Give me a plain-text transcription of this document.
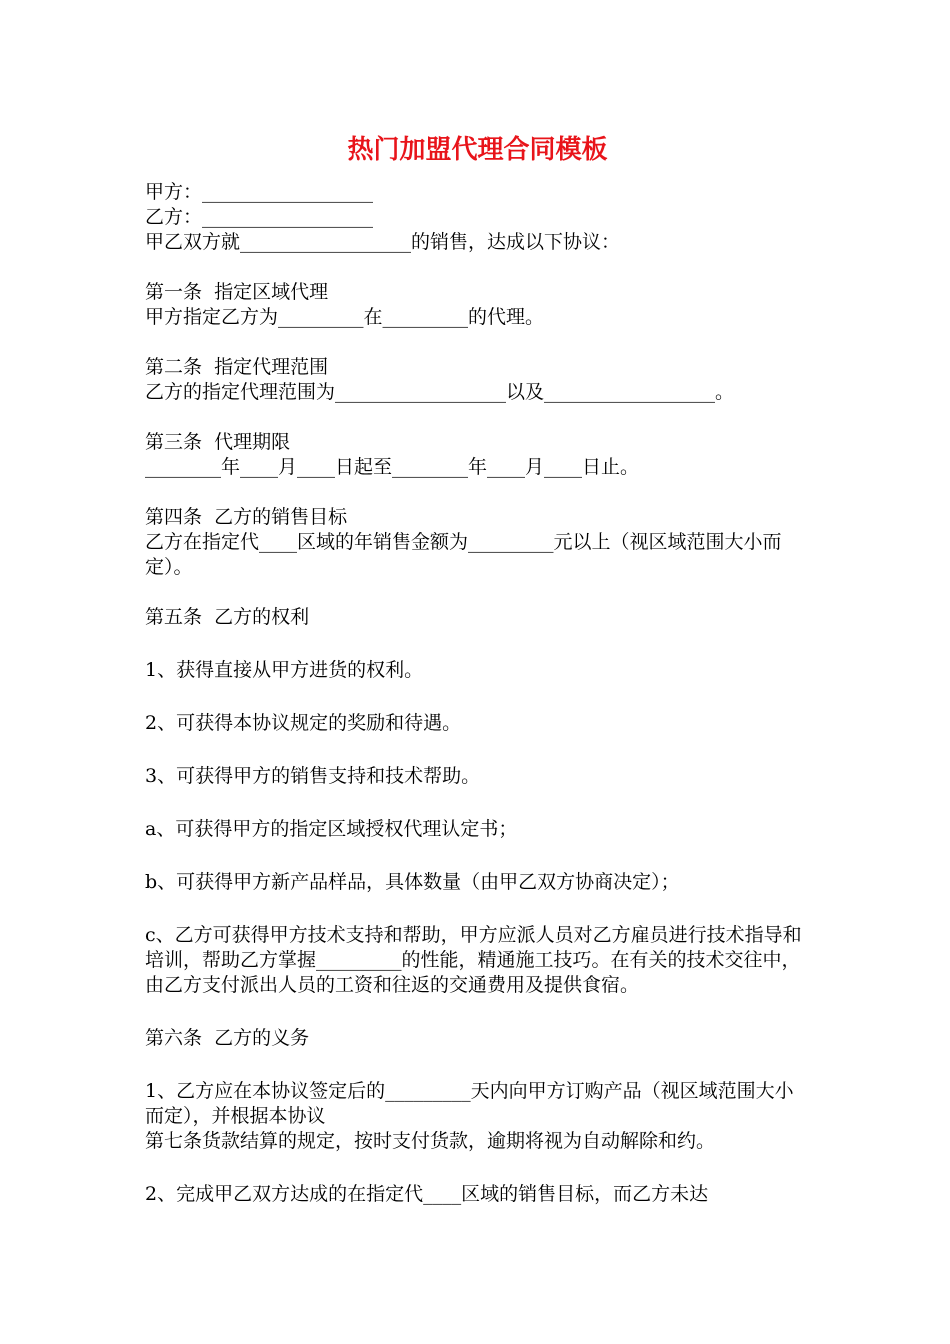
热门加盟代理合同模板

甲方：__________________

乙方：__________________

甲乙双方就__________________的销售，达成以下协议：

第一条  指定区域代理

甲方指定乙方为_________在_________的代理。

第二条  指定代理范围

乙方的指定代理范围为__________________以及__________________。

第三条  代理期限

________年____月____日起至________年____月____日止。

第四条  乙方的销售目标

乙方在指定代____区域的年销售金额为_________元以上（视区域范围大小而定）。

第五条  乙方的权利

1、获得直接从甲方进货的权利。

2、可获得本协议规定的奖励和待遇。

3、可获得甲方的销售支持和技术帮助。

a、可获得甲方的指定区域授权代理认定书；

b、可获得甲方新产品样品，具体数量（由甲乙双方协商决定）；

c、乙方可获得甲方技术支持和帮助，甲方应派人员对乙方雇员进行技术指导和培训，帮助乙方掌握_________的性能，精通施工技巧。在有关的技术交往中，由乙方支付派出人员的工资和往返的交通费用及提供食宿。

第六条  乙方的义务

1、乙方应在本协议签定后的_________天内向甲方订购产品（视区域范围大小而定），并根据本协议

第七条货款结算的规定，按时支付货款，逾期将视为自动解除和约。

2、完成甲乙双方达成的在指定代____区域的销售目标，而乙方未达
